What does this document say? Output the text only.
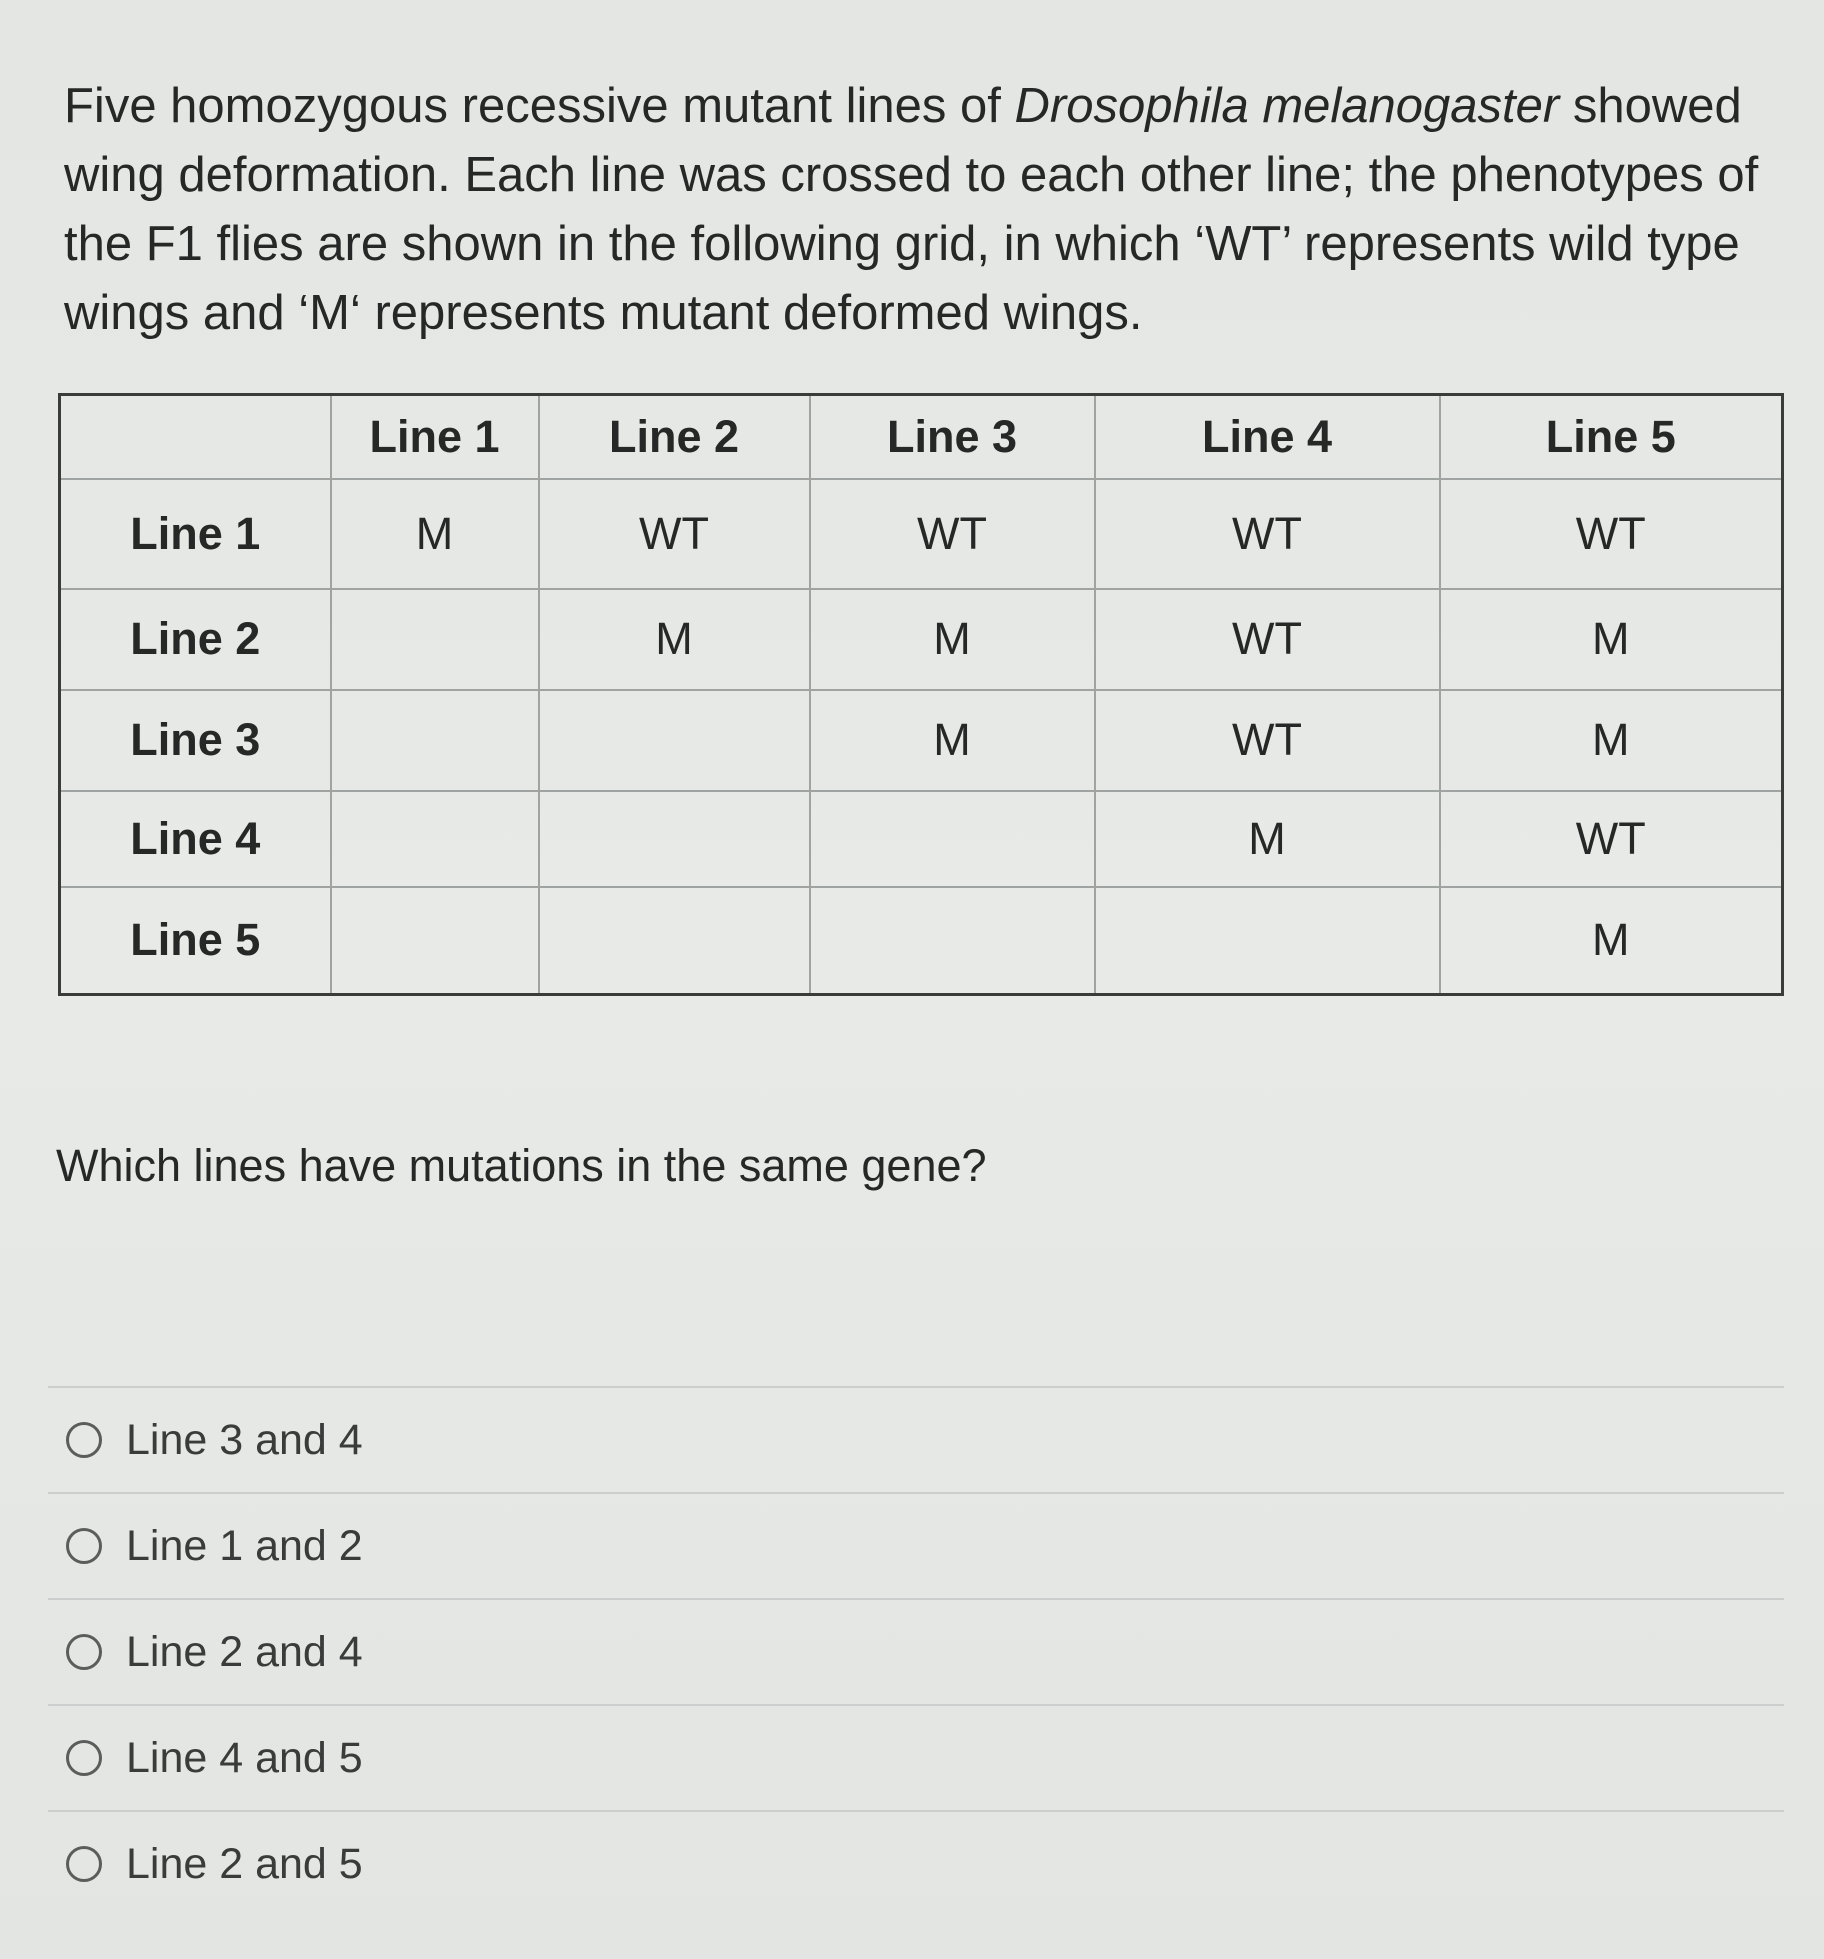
Five homozygous recessive mutant lines of Drosophila melanogaster showed wing deformation. Each line was crossed to each other line; the phenotypes of the F1 flies are shown in the following grid, in which ‘WT’ represents wild type wings and ‘M‘ represents mutant deformed wings.

	Line 1	Line 2	Line 3	Line 4	Line 5
Line 1	M	WT	WT	WT	WT
Line 2		M	M	WT	M
Line 3			M	WT	M
Line 4				M	WT
Line 5					M

Which lines have mutations in the same gene?

Line 3 and 4
Line 1 and 2
Line 2 and 4
Line 4 and 5
Line 2 and 5
